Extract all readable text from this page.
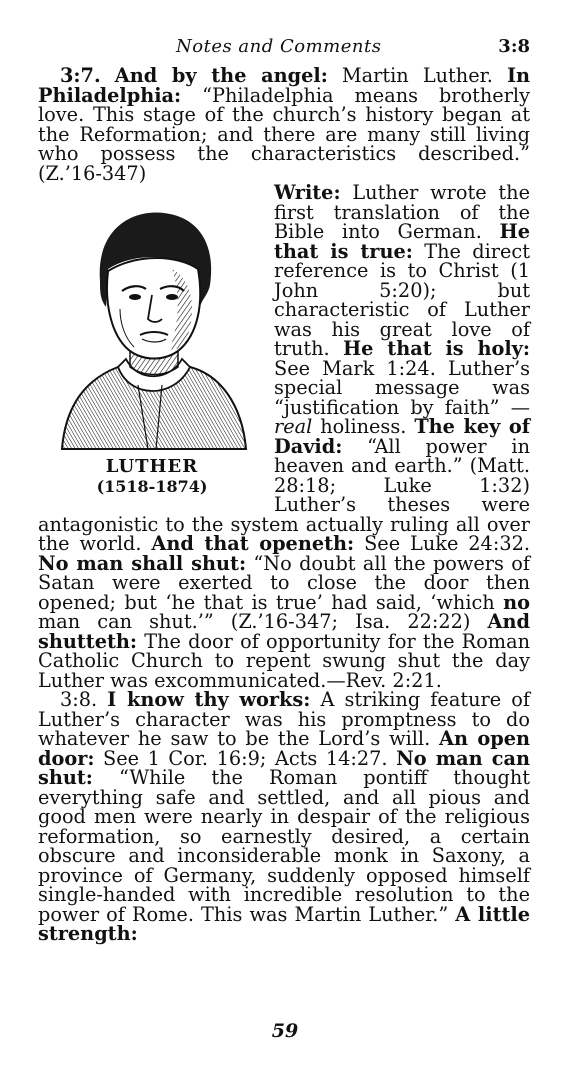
Notes and Comments	3:8

3:7. And by the angel: Martin Luther. In Philadelphia: “Philadelphia means brotherly love. This stage of the church’s history began at the Reformation; and there are many still living who possess the characteristics described.” (Z.’16-347)

LUTHER
(1518-1874)

Write: Luther wrote the first translation of the Bible into German. He that is true: The direct reference is to Christ (1 John 5:20); but characteristic of Luther was his great love of truth. He that is holy: See Mark 1:24. Luther’s special message was “justification by faith” — real holiness. The key of David: “All power in heaven and earth.” (Matt. 28:18; Luke 1:32) Luther’s theses were antagonistic to the system actually ruling all over the world. And that openeth: See Luke 24:32. No man shall shut: “No doubt all the powers of Satan were exerted to close the door then opened; but ‘he that is true’ had said, ‘which no man can shut.’” (Z.’16-347; Isa. 22:22) And shutteth: The door of opportunity for the Roman Catholic Church to repent swung shut the day Luther was excommunicated.—Rev. 2:21.

3:8. I know thy works: A striking feature of Luther’s character was his promptness to do whatever he saw to be the Lord’s will. An open door: See 1 Cor. 16:9; Acts 14:27. No man can shut: “While the Roman pontiff thought everything safe and settled, and all pious and good men were nearly in despair of the religious reformation, so earnestly desired, a certain obscure and inconsiderable monk in Saxony, a province of Germany, suddenly opposed himself single-handed with incredible resolution to the power of Rome. This was Martin Luther.” A little strength:

59
